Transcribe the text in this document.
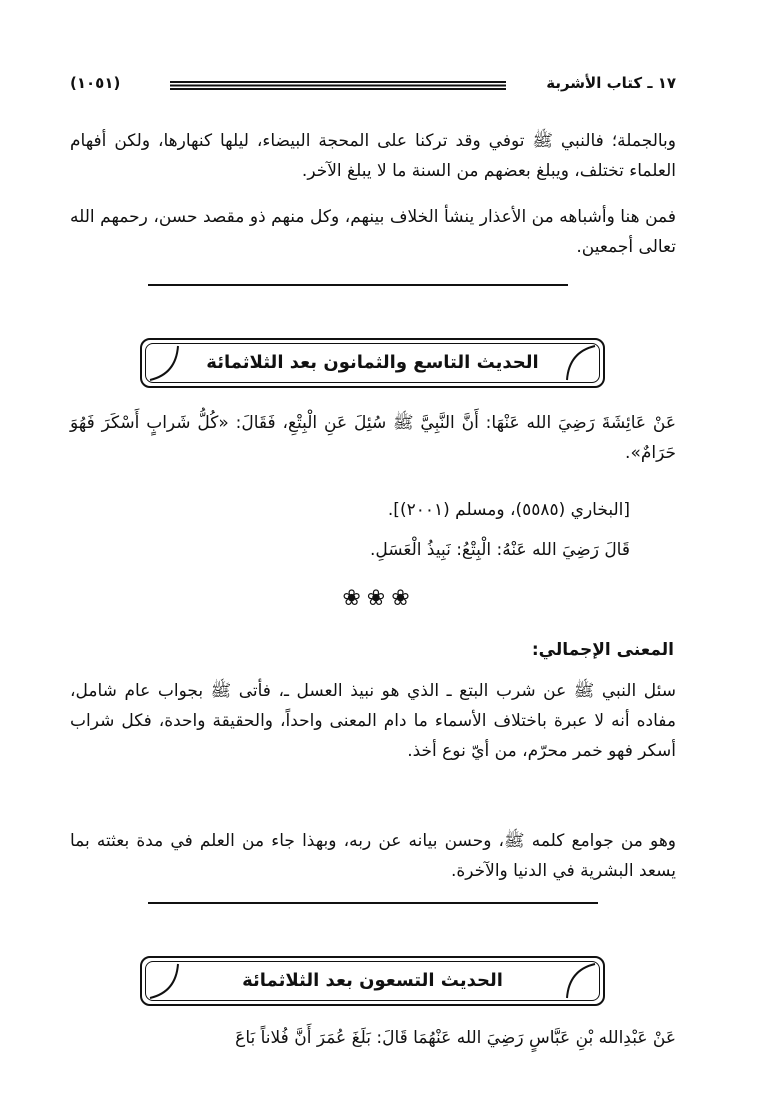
١٧ ـ كتاب الأشربة
(١٠٥١)
وبالجملة؛ فالنبي ﷺ توفي وقد تركنا على المحجة البيضاء، ليلها كنهارها، ولكن أفهام العلماء تختلف، ويبلغ بعضهم من السنة ما لا يبلغ الآخر.
فمن هنا وأشباهه من الأعذار ينشأ الخلاف بينهم، وكل منهم ذو مقصد حسن، رحمهم الله تعالى أجمعين.
الحديث التاسع والثمانون بعد الثلاثمائة
عَنْ عَائِشَةَ رَضِيَ الله عَنْهَا: أَنَّ النَّبِيَّ ﷺ سُئِلَ عَنِ الْبِتْعِ، فَقَالَ: «كُلُّ شَرابٍ أَسْكَرَ فَهُوَ حَرَامٌ».
[البخاري (٥٥٨٥)، ومسلم (٢٠٠١)].
قَالَ رَضِيَ الله عَنْهُ: الْبِتْعُ: نَبِيذُ الْعَسَلِ.
❀❀❀
المعنى الإجمالي:
سئل النبي ﷺ عن شرب البتع ـ الذي هو نبيذ العسل ـ، فأتى ﷺ بجواب عام شامل، مفاده أنه لا عبرة باختلاف الأسماء ما دام المعنى واحداً، والحقيقة واحدة، فكل شراب أسكر فهو خمر محرّم، من أيّ نوع أخذ.
وهو من جوامع كلمه ﷺ، وحسن بيانه عن ربه، وبهذا جاء من العلم في مدة بعثته بما يسعد البشرية في الدنيا والآخرة.
الحديث التسعون بعد الثلاثمائة
عَنْ عَبْدِالله بْنِ عَبَّاسٍ رَضِيَ الله عَنْهُمَا قَالَ: بَلَغَ عُمَرَ أَنَّ فُلاناً بَاعَ
